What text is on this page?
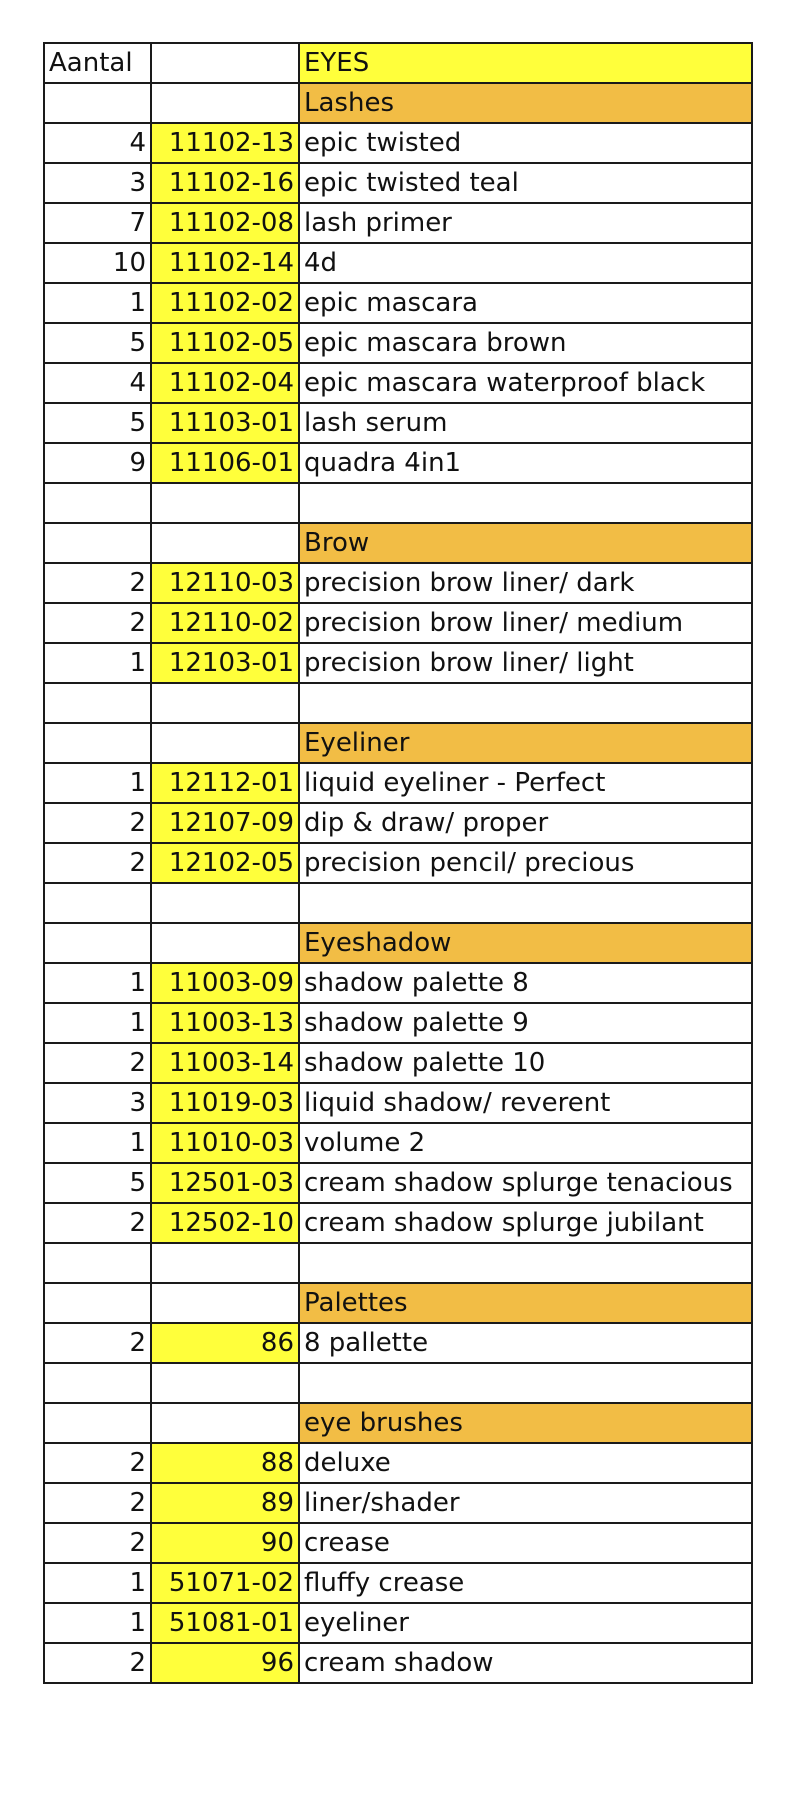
Aantal		EYES
		Lashes
4	11102-13	epic twisted
3	11102-16	epic twisted teal
7	11102-08	lash primer
10	11102-14	4d
1	11102-02	epic mascara
5	11102-05	epic mascara brown
4	11102-04	epic mascara waterproof black
5	11103-01	lash serum
9	11106-01	quadra 4in1

		Brow
2	12110-03	precision brow liner/ dark
2	12110-02	precision brow liner/ medium
1	12103-01	precision brow liner/ light

		Eyeliner
1	12112-01	liquid eyeliner - Perfect
2	12107-09	dip & draw/ proper
2	12102-05	precision pencil/ precious

		Eyeshadow
1	11003-09	shadow palette 8
1	11003-13	shadow palette 9
2	11003-14	shadow palette 10
3	11019-03	liquid shadow/ reverent
1	11010-03	volume 2
5	12501-03	cream shadow splurge tenacious
2	12502-10	cream shadow splurge jubilant

		Palettes
2	86	8 pallette

		eye brushes
2	88	deluxe
2	89	liner/shader
2	90	crease
1	51071-02	fluffy crease
1	51081-01	eyeliner
2	96	cream shadow
